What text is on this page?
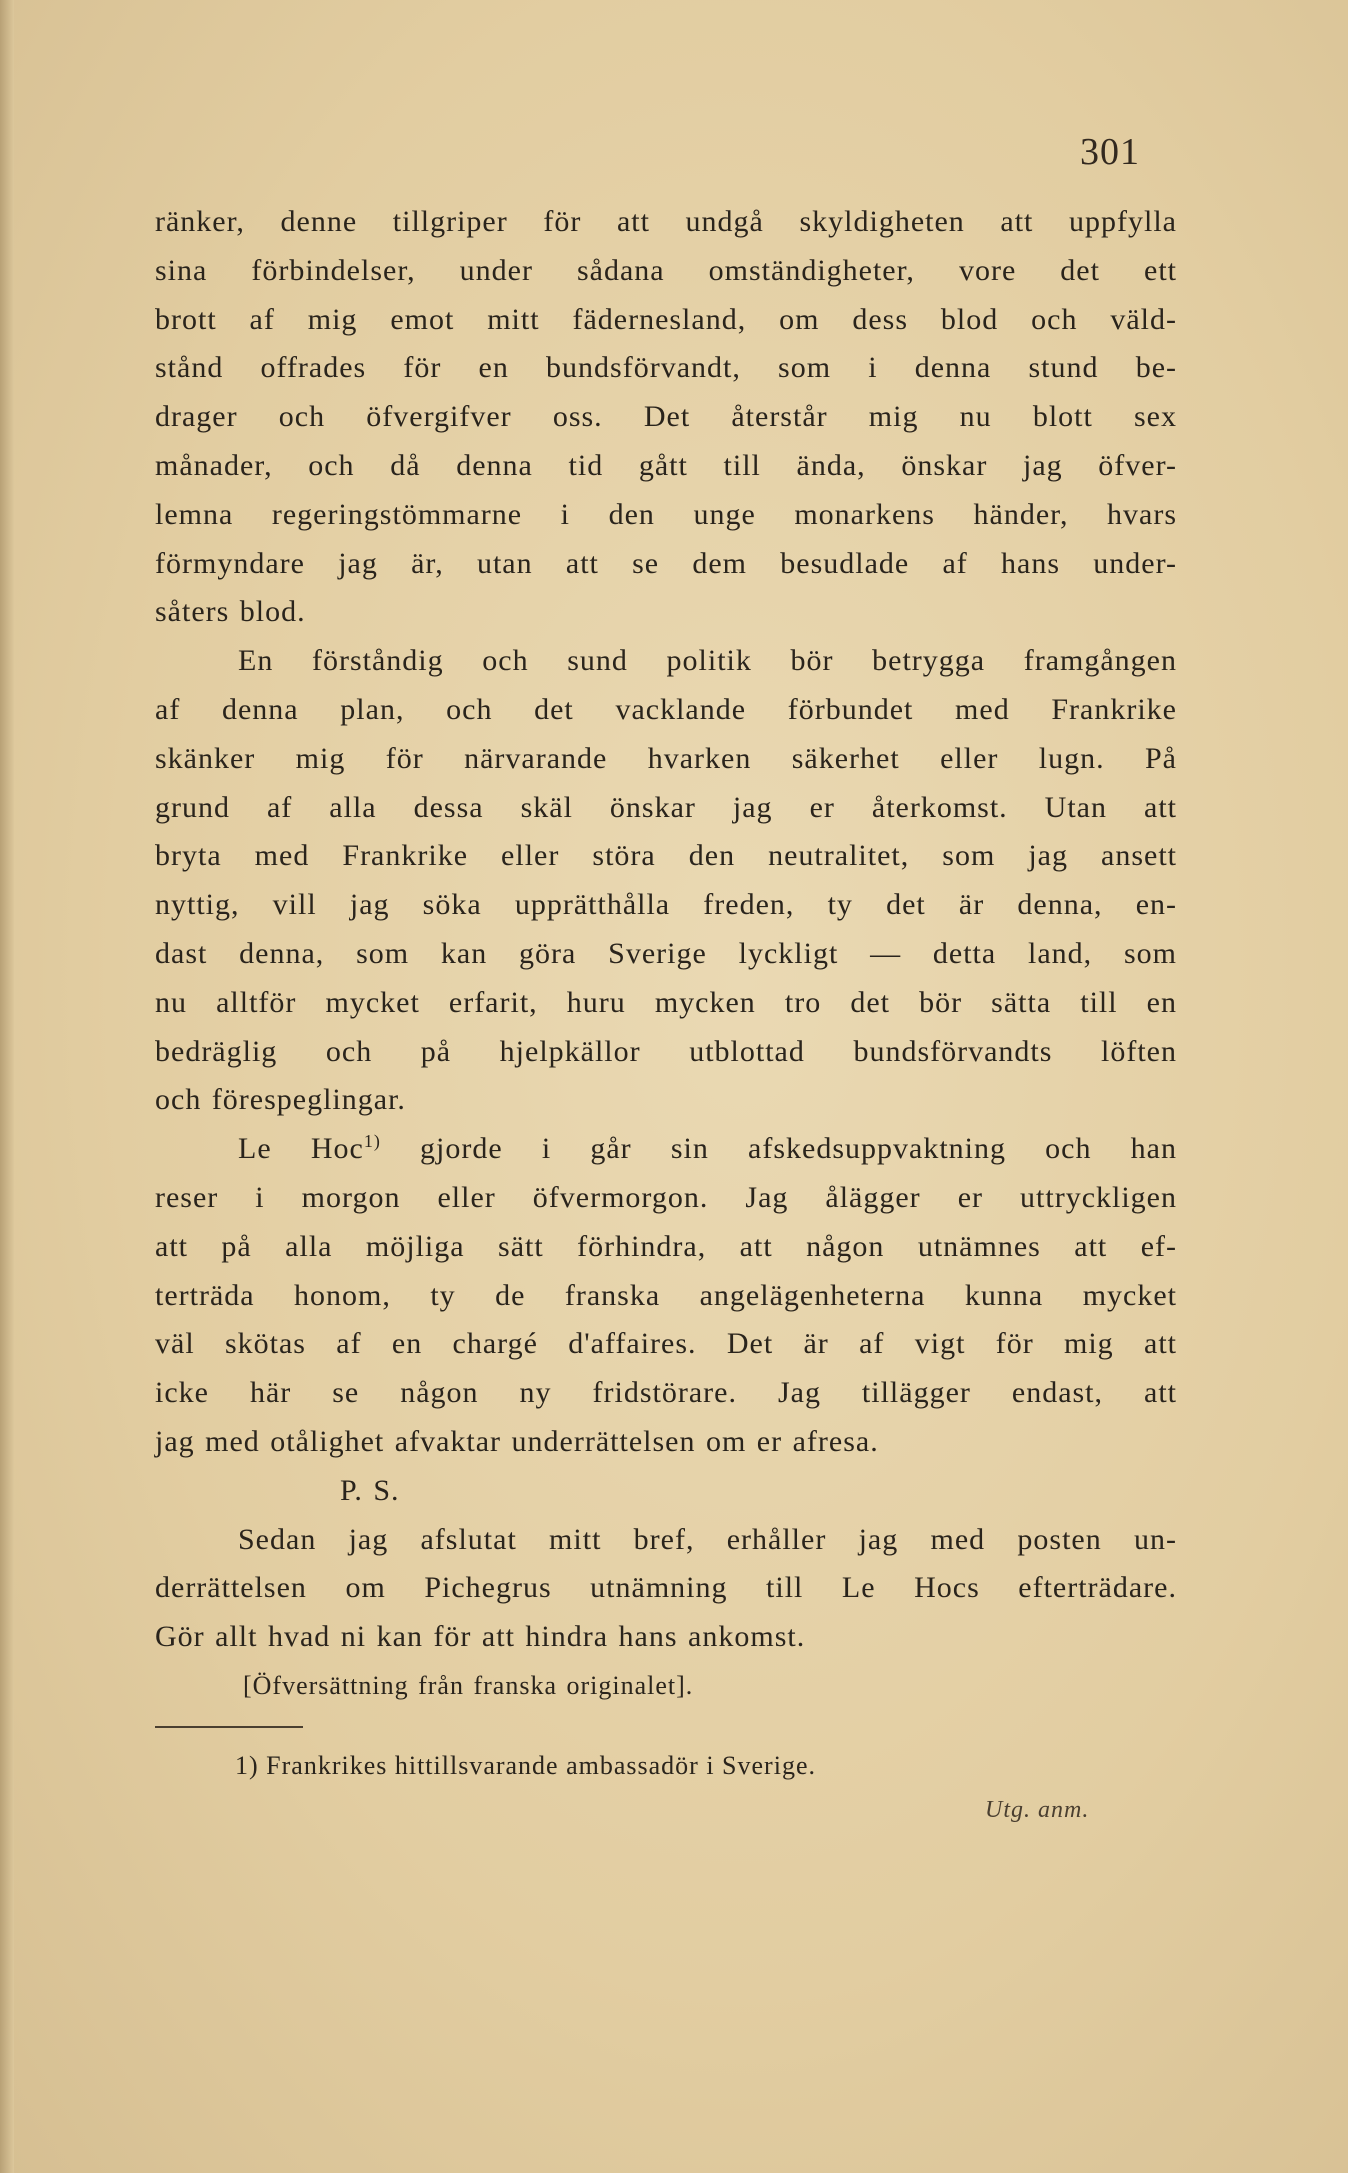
301
ränker, denne tillgriper för att undgå skyldigheten att uppfylla
sina förbindelser, under sådana omständigheter, vore det ett
brott af mig emot mitt fädernesland, om dess blod och väld-
stånd offrades för en bundsförvandt, som i denna stund be-
drager och öfvergifver oss. Det återstår mig nu blott sex
månader, och då denna tid gått till ända, önskar jag öfver-
lemna regeringstömmarne i den unge monarkens händer, hvars
förmyndare jag är, utan att se dem besudlade af hans under-
såters blod.
En förståndig och sund politik bör betrygga framgången
af denna plan, och det vacklande förbundet med Frankrike
skänker mig för närvarande hvarken säkerhet eller lugn. På
grund af alla dessa skäl önskar jag er återkomst. Utan att
bryta med Frankrike eller störa den neutralitet, som jag ansett
nyttig, vill jag söka upprätthålla freden, ty det är denna, en-
dast denna, som kan göra Sverige lyckligt — detta land, som
nu alltför mycket erfarit, huru mycken tro det bör sätta till en
bedräglig och på hjelpkällor utblottad bundsförvandts löften
och förespeglingar.
Le Hoc$^{1)}$ gjorde i går sin afskedsuppvaktning och han
reser i morgon eller öfvermorgon. Jag ålägger er uttryckligen
att på alla möjliga sätt förhindra, att någon utnämnes att ef-
terträda honom, ty de franska angelägenheterna kunna mycket
väl skötas af en chargé d'affaires. Det är af vigt för mig att
icke här se någon ny fridstörare. Jag tillägger endast, att
jag med otålighet afvaktar underrättelsen om er afresa.
P. S.
Sedan jag afslutat mitt bref, erhåller jag med posten un-
derrättelsen om Pichegrus utnämning till Le Hocs efterträdare.
Gör allt hvad ni kan för att hindra hans ankomst.
[Öfversättning från franska originalet].
1) Frankrikes hittillsvarande ambassadör i Sverige.
Utg. anm.
